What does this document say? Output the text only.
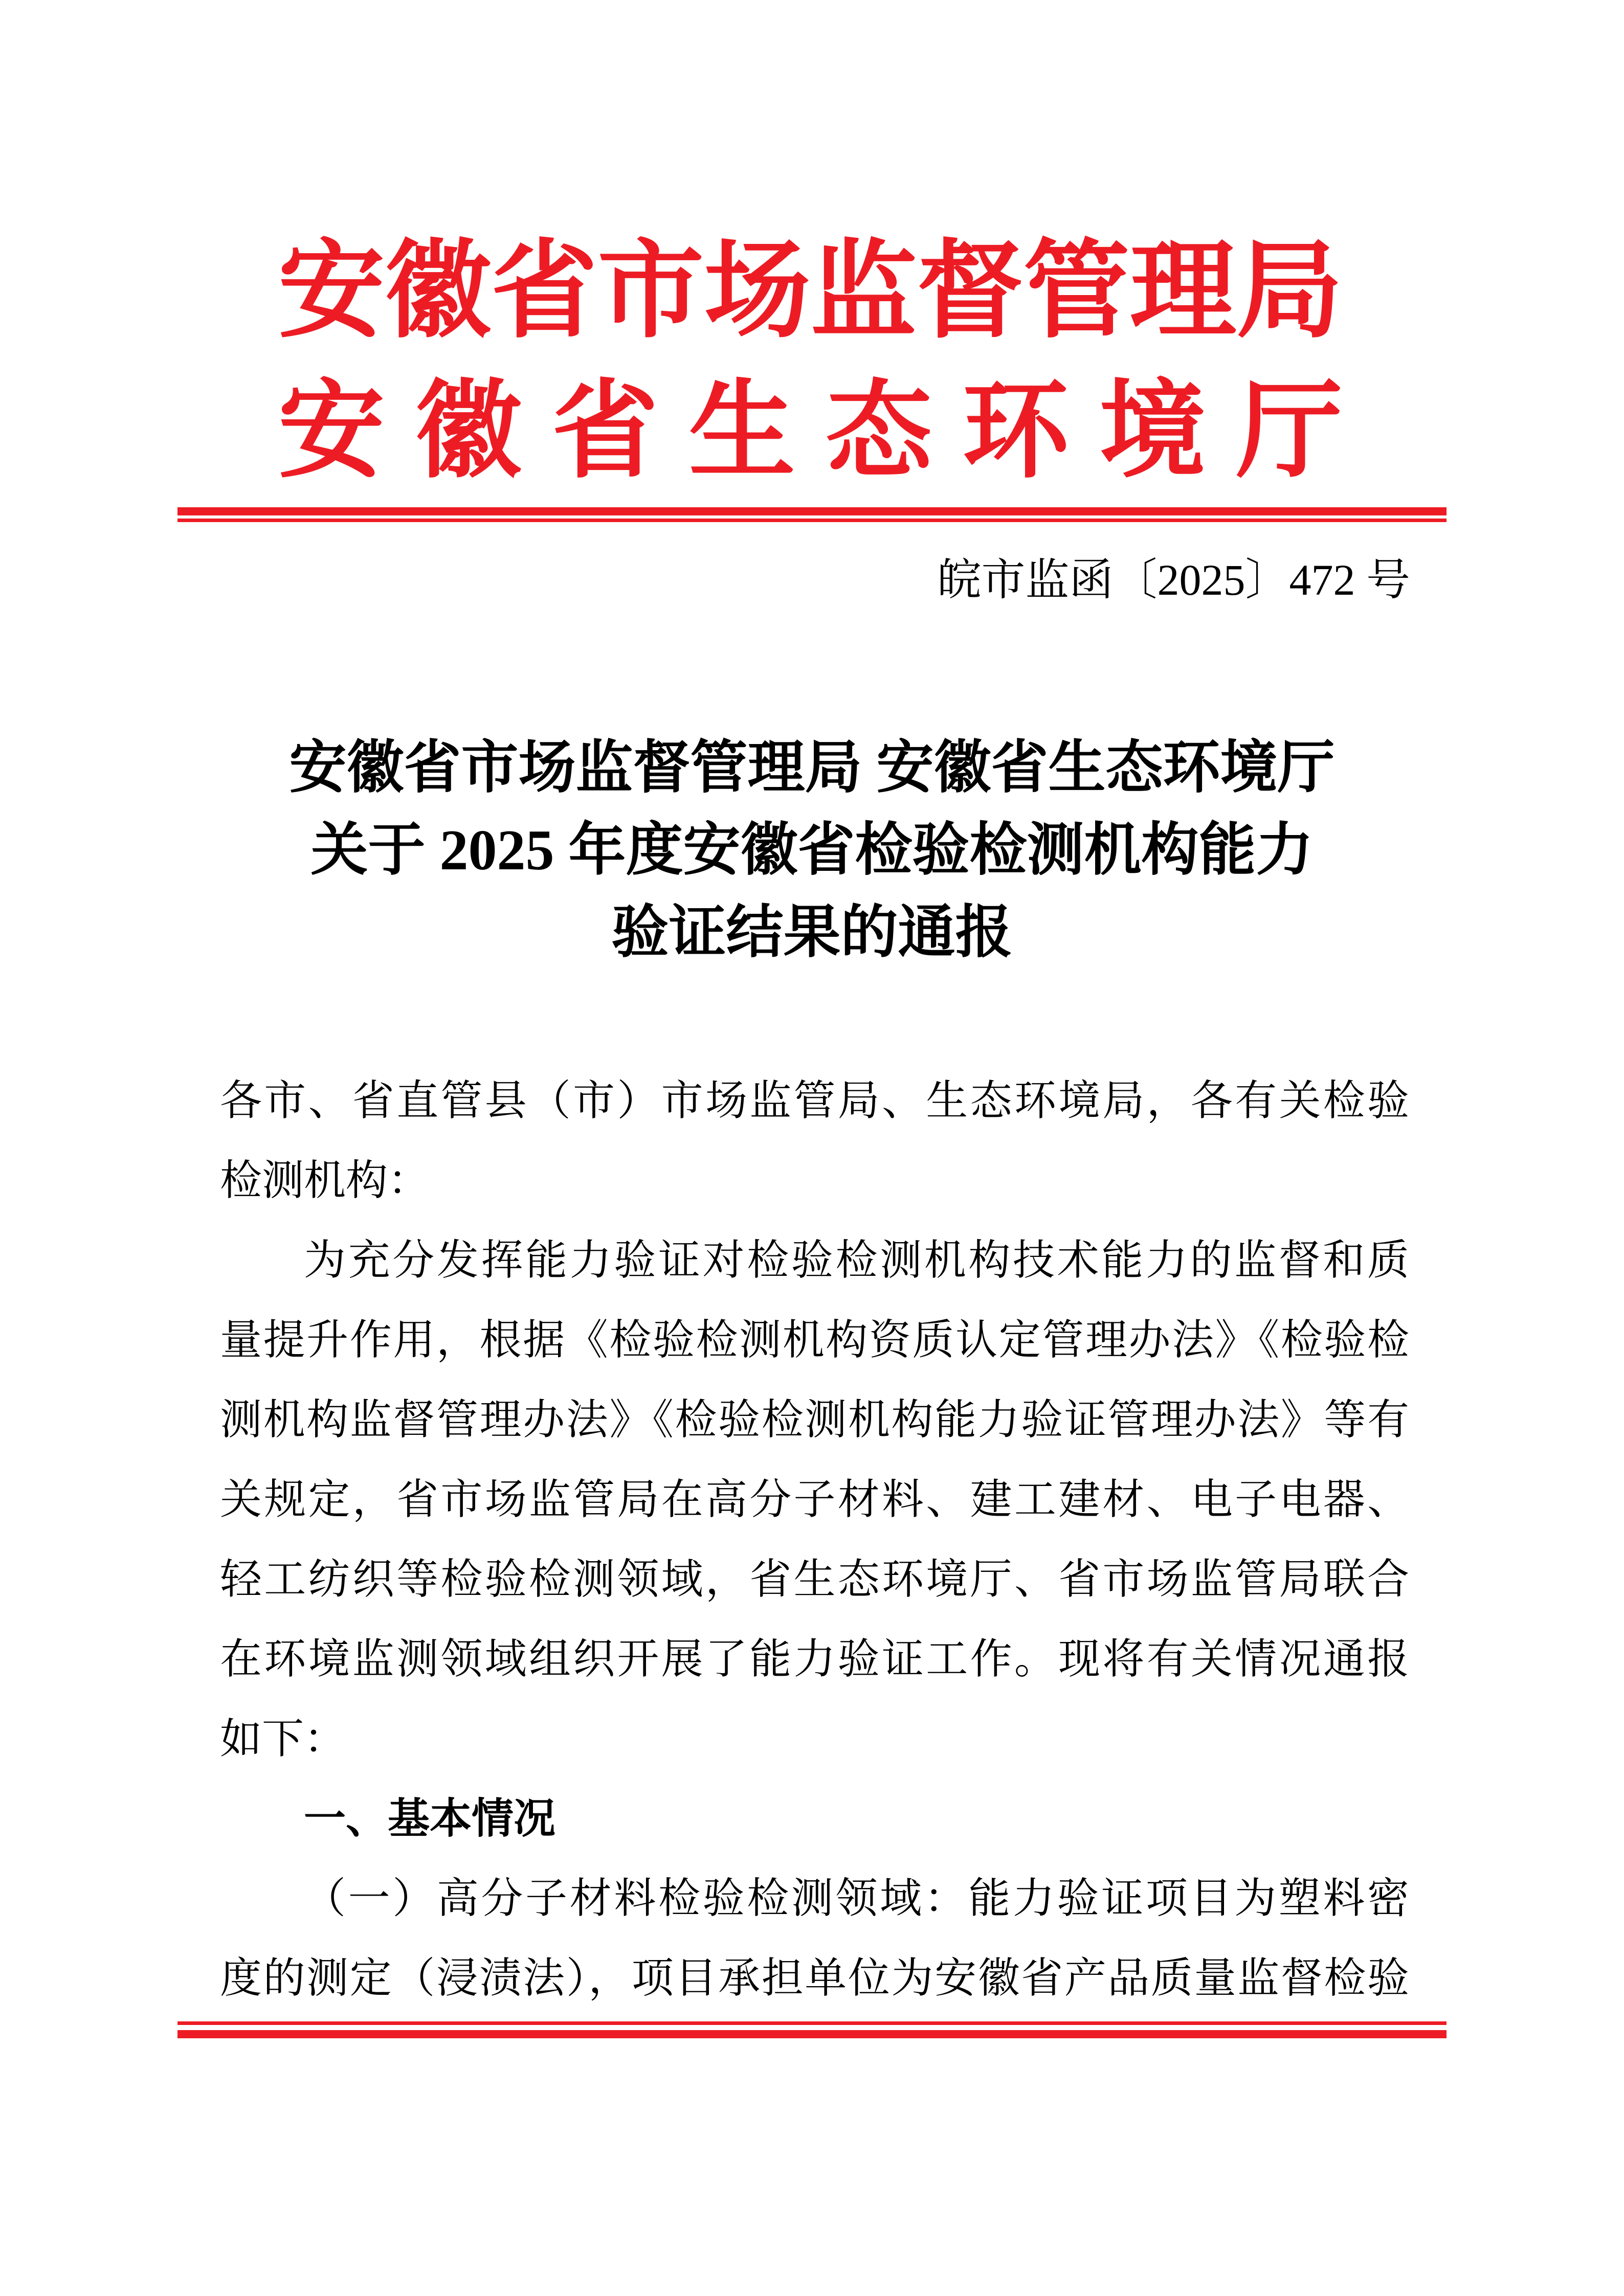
安 徽 省 市 场 监 督 管 理 局
安 徽 省 生 态 环 境 厅
皖市监函〔2025〕472 号
安徽省市场监督管理局 安徽省生态环境厅
关于 2025 年度安徽省检验检测机构能力
验证结果的通报
各市、省直管县（市）市场监管局、生态环境局，各有关检验
检测机构：
为充分发挥能力验证对检验检测机构技术能力的监督和质
量提升作用，根据《检验检测机构资质认定管理办法》《检验检
测机构监督管理办法》《检验检测机构能力验证管理办法》等有
关规定，省市场监管局在高分子材料、建工建材、电子电器、
轻工纺织等检验检测领域，省生态环境厅、省市场监管局联合
在环境监测领域组织开展了能力验证工作。现将有关情况通报
如下：
一、基本情况
（一）高分子材料检验检测领域：能力验证项目为塑料密
度的测定（浸渍法），项目承担单位为安徽省产品质量监督检验
